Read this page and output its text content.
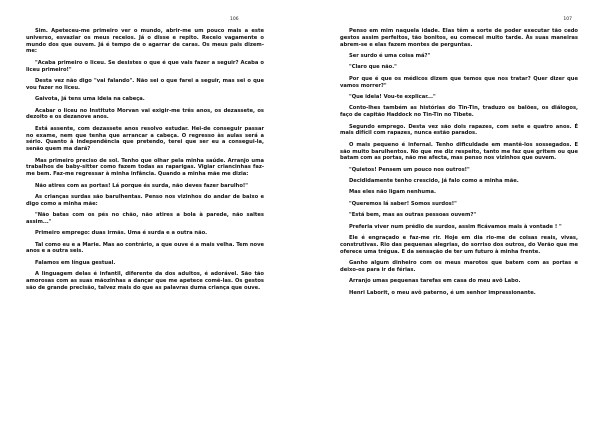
106

Sim. Apeteceu-me primeiro ver o mundo, abrir-me um pouco mais a este universo, esvaziar os meus receios. Já o disse e repito. Receio vagamente o mundo dos que ouvem. Já é tempo de o agarrar de caras. Os meus pais dizem-me:

"Acaba primeiro o liceu. Se desistes o que é que vais fazer a seguir? Acaba o liceu primeiro!"

Desta vez não digo "vai falando". Não sei o que farei a seguir, mas sei o que vou fazer no liceu.

Gaivota, já tens uma ideia na cabeça.

Acabar o liceu no Instituto Morvan vai exigir-me três anos, os dezassete, os dezoito e os dezanove anos.

Está assente, com dezassete anos resolvo estudar. Hei-de conseguir passar no exame, nem que tenha que arrancar a cabeça. O regresso às aulas será a sério. Quanto à independência que pretendo, terei que ser eu a consegui-la, senão quem ma dará?

Mas primeiro preciso de sol. Tenho que olhar pela minha saúde. Arranjo uma trabalhos de baby-sitter como fazem todas as raparigas. Vigiar criancinhas faz-me bem. Faz-me regressar à minha infância. Quando a minha mãe me dizia:

Não atires com as portas! Lá porque és surda, não deves fazer barulho!"

As crianças surdas são barulhentas. Penso nos vizinhos do andar de baixo e digo como a minha mãe:

"Não batas com os pés no chão, não atires a bola à parede, não saltes assim..."

Primeiro emprego: duas irmãs. Uma é surda e a outra não.

Tal como eu e a Marie. Mas ao contrário, a que ouve é a mais velha. Tem nove anos e a outra seis.

Falamos em língua gestual.

A linguagem delas é infantil, diferente da dos adultos, é adorável. São tão amorosas com as suas mãozinhas a dançar que me apetece comê-las. Os gestos são de grande precisão, talvez mais do que as palavras duma criança que ouve.

107

Penso em mim naquela idade. Elas têm a sorte de poder executar tão cedo gestos assim perfeitos, tão bonitos, eu comecei muito tarde. Às suas maneiras abrem-se e elas fazem montes de perguntas.

Ser surdo é uma coisa má?"

"Claro que não."

Por que é que os médicos dizem que temos que nos tratar? Quer dizer que vamos morrer?"

"Que ideia! Vou-te explicar..."

Conto-lhes também as histórias do Tin-Tin, traduzo os balões, os diálogos, faço de capitão Haddock no Tin-Tin no Tibete.

Segundo emprego. Desta vez são dois rapazes, com sete e quatro anos. É mais difícil com rapazes, nunca estão parados.

O mais pequeno é infernal. Tenho dificuldade em mantê-los sossegados. E são muito barulhentos. No que me diz respeito, tanto me faz que gritem ou que batam com as portas, não me afecta, mas penso nos vizinhos que ouvem.

"Quietos! Pensem um pouco nos outros!"

Decididamente tenho crescido, já falo como a minha mãe.

Mas eles não ligam nenhuma.

"Queremos lá saber! Somos surdos!"

"Está bem, mas as outras pessoas ouvem?"

Preferia viver num prédio de surdos, assim ficávamos mais à vontade ! "

Ele é engraçado e faz-me rir. Hoje em dia rio-me de coisas reais, vivas, construtivas. Rio das pequenas alegrias, do sorriso dos outros, do Verão que me oferece uma trégua. E da sensação de ter um futuro à minha frente.

Ganho algum dinheiro com os meus marotos que batem com as portas e deixo-os para ir de férias.

Arranjo umas pequenas tarefas em casa do meu avô Labo.

Henri Laborit, o meu avô paterno, é um senhor impressionante.
